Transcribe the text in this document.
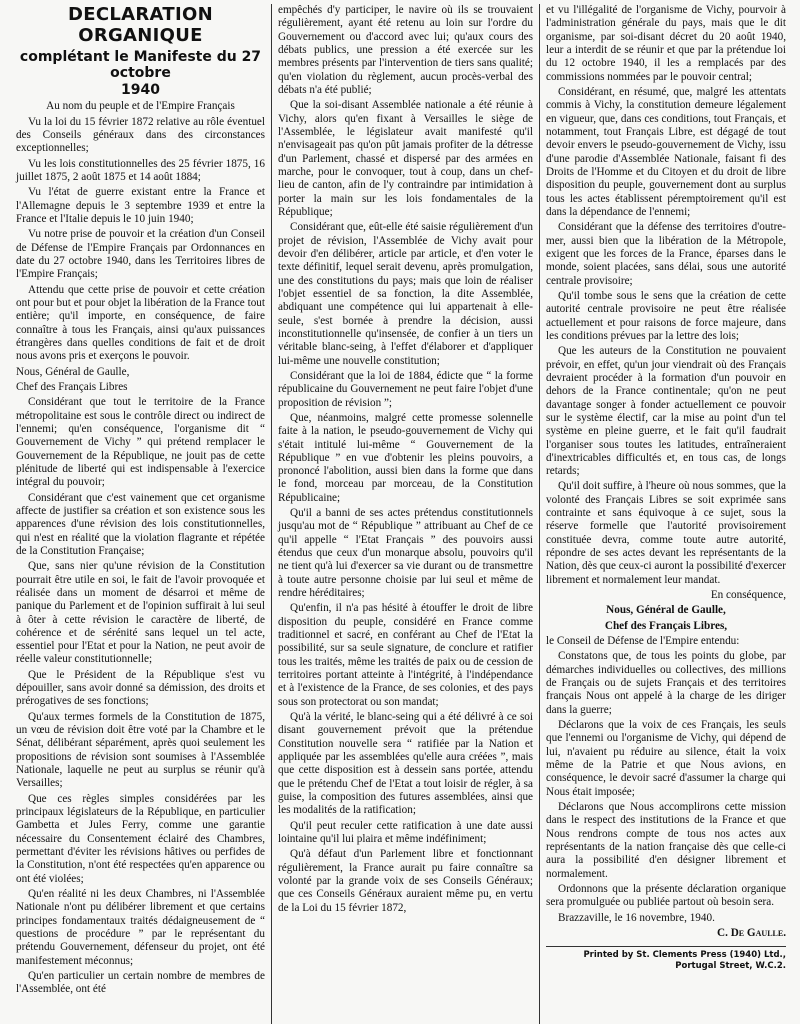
DECLARATION ORGANIQUE

complétant le Manifeste du 27 octobre
1940

Au nom du peuple et de l'Empire Français

Vu la loi du 15 février 1872 relative au rôle éventuel des Conseils généraux dans des circonstances exceptionnelles;

Vu les lois constitutionnelles des 25 février 1875, 16 juillet 1875, 2 août 1875 et 14 août 1884;

Vu l'état de guerre existant entre la France et l'Allemagne depuis le 3 septembre 1939 et entre la France et l'Italie depuis le 10 juin 1940;

Vu notre prise de pouvoir et la création d'un Conseil de Défense de l'Empire Français par Ordonnances en date du 27 octobre 1940, dans les Territoires libres de l'Empire Français;

Attendu que cette prise de pouvoir et cette création ont pour but et pour objet la libération de la France tout entière; qu'il importe, en conséquence, de faire connaître à tous les Français, ainsi qu'aux puissances étrangères dans quelles conditions de fait et de droit nous avons pris et exerçons le pouvoir.

Nous, Général de Gaulle,

Chef des Français Libres

Considérant que tout le territoire de la France métropolitaine est sous le contrôle direct ou indirect de l'ennemi; qu'en conséquence, l'organisme dit “ Gouvernement de Vichy ” qui prétend remplacer le Gouvernement de la République, ne jouit pas de cette plénitude de liberté qui est indispensable à l'exercice intégral du pouvoir;

Considérant que c'est vainement que cet organisme affecte de justifier sa création et son existence sous les apparences d'une révision des lois constitutionnelles, qui n'est en réalité que la violation flagrante et répétée de la Constitution Française;

Que, sans nier qu'une révision de la Constitution pourrait être utile en soi, le fait de l'avoir provoquée et réalisée dans un moment de désarroi et même de panique du Parlement et de l'opinion suffirait à lui seul à ôter à cette révision le caractère de liberté, de cohérence et de sérénité sans lequel un tel acte, essentiel pour l'Etat et pour la Nation, ne peut avoir de réelle valeur constitutionnelle;

Que le Président de la République s'est vu dépouiller, sans avoir donné sa démission, des droits et prérogatives de ses fonctions;

Qu'aux termes formels de la Constitution de 1875, un vœu de révision doit être voté par la Chambre et le Sénat, délibérant séparément, après quoi seulement les propositions de révision sont soumises à l'Assemblée Nationale, laquelle ne peut au surplus se réunir qu'à Versailles;

Que ces règles simples considérées par les principaux législateurs de la République, en particulier Gambetta et Jules Ferry, comme une garantie nécessaire du Consentement éclairé des Chambres, permettant d'éviter les révisions hâtives ou perfides de la Constitution, n'ont été respectées qu'en apparence ou ont été violées;

Qu'en réalité ni les deux Chambres, ni l'Assemblée Nationale n'ont pu délibérer librement et que certains principes fondamentaux traités dédaigneusement de “ questions de procédure ” par le représentant du prétendu Gouvernement, défenseur du projet, ont été manifestement méconnus;

Qu'en particulier un certain nombre de membres de l'Assemblée, ont été

empêchés d'y participer, le navire où ils se trouvaient régulièrement, ayant été retenu au loin sur l'ordre du Gouvernement ou d'accord avec lui; qu'aux cours des débats publics, une pression a été exercée sur les membres présents par l'intervention de tiers sans qualité; qu'en violation du règlement, aucun procès-verbal des débats n'a été publié;

Que la soi-disant Assemblée nationale a été réunie à Vichy, alors qu'en fixant à Versailles le siège de l'Assemblée, le législateur avait manifesté qu'il n'envisageait pas qu'on pût jamais profiter de la détresse d'un Parlement, chassé et dispersé par des armées en marche, pour le convoquer, tout à coup, dans un chef-lieu de canton, afin de l'y contraindre par intimidation à porter la main sur les lois fondamentales de la République;

Considérant que, eût-elle été saisie régulièrement d'un projet de révision, l'Assemblée de Vichy avait pour devoir d'en délibérer, article par article, et d'en voter le texte définitif, lequel serait devenu, après promulgation, une des constitutions du pays; mais que loin de réaliser l'objet essentiel de sa fonction, la dite Assemblée, abdiquant une compétence qui lui appartenait à elle-seule, s'est bornée à prendre la décision, aussi inconstitutionnelle qu'insensée, de confier à un tiers un véritable blanc-seing, à l'effet d'élaborer et d'appliquer lui-même une nouvelle constitution;

Considérant que la loi de 1884, édicte que “ la forme républicaine du Gouvernement ne peut faire l'objet d'une proposition de révision ”;

Que, néanmoins, malgré cette promesse solennelle faite à la nation, le pseudo-gouvernement de Vichy qui s'était intitulé lui-même “ Gouvernement de la République ” en vue d'obtenir les pleins pouvoirs, a prononcé l'abolition, aussi bien dans la forme que dans le fond, morceau par morceau, de la Constitution Républicaine;

Qu'il a banni de ses actes prétendus constitutionnels jusqu'au mot de “ République ” attribuant au Chef de ce qu'il appelle “ l'Etat Français ” des pouvoirs aussi étendus que ceux d'un monarque absolu, pouvoirs qu'il ne tient qu'à lui d'exercer sa vie durant ou de transmettre à toute autre personne choisie par lui seul et même de rendre héréditaires;

Qu'enfin, il n'a pas hésité à étouffer le droit de libre disposition du peuple, considéré en France comme traditionnel et sacré, en conférant au Chef de l'Etat la possibilité, sur sa seule signature, de conclure et ratifier tous les traités, même les traités de paix ou de cession de territoires portant atteinte à l'intégrité, à l'indépendance et à l'existence de la France, de ses colonies, et des pays sous son protectorat ou son mandat;

Qu'à la vérité, le blanc-seing qui a été délivré à ce soi disant gouvernement prévoit que la prétendue Constitution nouvelle sera “ ratifiée par la Nation et appliquée par les assemblées qu'elle aura créées ”, mais que cette disposition est à dessein sans portée, attendu que le prétendu Chef de l'Etat a tout loisir de régler, à sa guise, la composition des futures assemblées, ainsi que les modalités de la ratification;

Qu'il peut reculer cette ratification à une date aussi lointaine qu'il lui plaira et même indéfiniment;

Qu'à défaut d'un Parlement libre et fonctionnant régulièrement, la France aurait pu faire connaître sa volonté par la grande voix de ses Conseils Généraux; que ces Conseils Généraux auraient même pu, en vertu de la Loi du 15 février 1872,

et vu l'illégalité de l'organisme de Vichy, pourvoir à l'administration générale du pays, mais que le dit organisme, par soi-disant décret du 20 août 1940, leur a interdit de se réunir et que par la prétendue loi du 12 octobre 1940, il les a remplacés par des commissions nommées par le pouvoir central;

Considérant, en résumé, que, malgré les attentats commis à Vichy, la constitution demeure légalement en vigueur, que, dans ces conditions, tout Français, et notamment, tout Français Libre, est dégagé de tout devoir envers le pseudo-gouvernement de Vichy, issu d'une parodie d'Assemblée Nationale, faisant fi des Droits de l'Homme et du Citoyen et du droit de libre disposition du peuple, gouvernement dont au surplus tous les actes établissent péremptoirement qu'il est dans la dépendance de l'ennemi;

Considérant que la défense des territoires d'outre-mer, aussi bien que la libération de la Métropole, exigent que les forces de la France, éparses dans le monde, soient placées, sans délai, sous une autorité centrale provisoire;

Qu'il tombe sous le sens que la création de cette autorité centrale provisoire ne peut être réalisée actuellement et pour raisons de force majeure, dans les conditions prévues par la lettre des lois;

Que les auteurs de la Constitution ne pouvaient prévoir, en effet, qu'un jour viendrait où des Français devraient procéder à la formation d'un pouvoir en dehors de la France continentale; qu'on ne peut davantage songer à fonder actuellement ce pouvoir sur le système électif, car la mise au point d'un tel système en pleine guerre, et le fait qu'il faudrait l'organiser sous toutes les latitudes, entraîneraient d'inextricables difficultés et, en tous cas, de longs retards;

Qu'il doit suffire, à l'heure où nous sommes, que la volonté des Français Libres se soit exprimée sans contrainte et sans équivoque à ce sujet, sous la réserve formelle que l'autorité provisoirement constituée devra, comme toute autre autorité, répondre de ses actes devant les représentants de la Nation, dès que ceux-ci auront la possibilité d'exercer librement et normalement leur mandat.

En conséquence,

Nous, Général de Gaulle,

Chef des Français Libres,

le Conseil de Défense de l'Empire entendu:

Constatons que, de tous les points du globe, par démarches individuelles ou collectives, des millions de Français ou de sujets Français et des territoires français Nous ont appelé à la charge de les diriger dans la guerre;

Déclarons que la voix de ces Français, les seuls que l'ennemi ou l'organisme de Vichy, qui dépend de lui, n'avaient pu réduire au silence, était la voix même de la Patrie et que Nous avions, en conséquence, le devoir sacré d'assumer la charge qui Nous était imposée;

Déclarons que Nous accomplirons cette mission dans le respect des institutions de la France et que Nous rendrons compte de tous nos actes aux représentants de la nation française dès que celle-ci aura la possibilité d'en désigner librement et normalement.

Ordonnons que la présente déclaration organique sera promulguée ou publiée partout où besoin sera.

Brazzaville, le 16 novembre, 1940.

C. De Gaulle.

Printed by St. Clements Press (1940) Ltd.,
Portugal Street, W.C.2.
